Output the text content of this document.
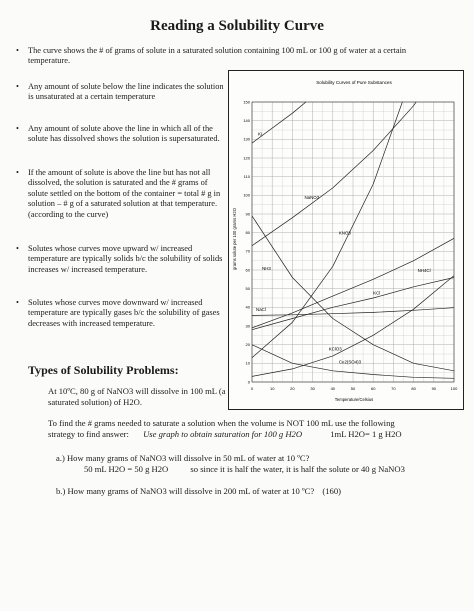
Reading a Solubility Curve
• The curve shows the # of grams of solute in a saturated solution containing 100 mL or 100 g of water at a certain temperature.
• Any amount of solute below the line indicates the solution is unsaturated at a certain temperature
• Any amount of solute above the line in which all of the solute has dissolved shows the solution is supersaturated.
• If the amount of solute is above the line but has not all dissolved, the solution is saturated and the # grams of solute settled on the bottom of the container = total # g in solution – # g of a saturated solution at that temperature. (according to the curve)
• Solutes whose curves move upward w/ increased temperature are typically solids b/c the solubility of solids increases w/ increased temperature.
• Solutes whose curves move downward w/ increased temperature are typically gases b/c the solubility of gases decreases with increased temperature.
Solubility Curves of Pure Substances
0
10
20
30
40
50
60
70
80
90
100
110
120
130
140
150
0	10	20	30	40	50	60	70	80	90	100
KI
NaNO3
KNO3
NH3	NH4Cl
KCl
NaCl
KClO3
Ce2(SO4)3
Temperature/Celsius
grams solute per 100 grams H2O
Types of Solubility Problems:
At 10ºC, 80 g of NaNO3 will dissolve in 100 mL (a saturated solution) of H2O.
To find the # grams needed to saturate a solution when the volume is NOT 100 mL use the following
strategy to find answer: Use graph to obtain saturation for 100 g H2O	1mL H2O= 1 g H2O
a.) How many grams of NaNO3 will dissolve in 50 mL of water at 10 ºC?
50 mL H2O = 50 g H2O	so since it is half the water, it is half the solute or 40 g NaNO3
b.) How many grams of NaNO3 will dissolve in 200 mL of water at 10 ºC? (160)
